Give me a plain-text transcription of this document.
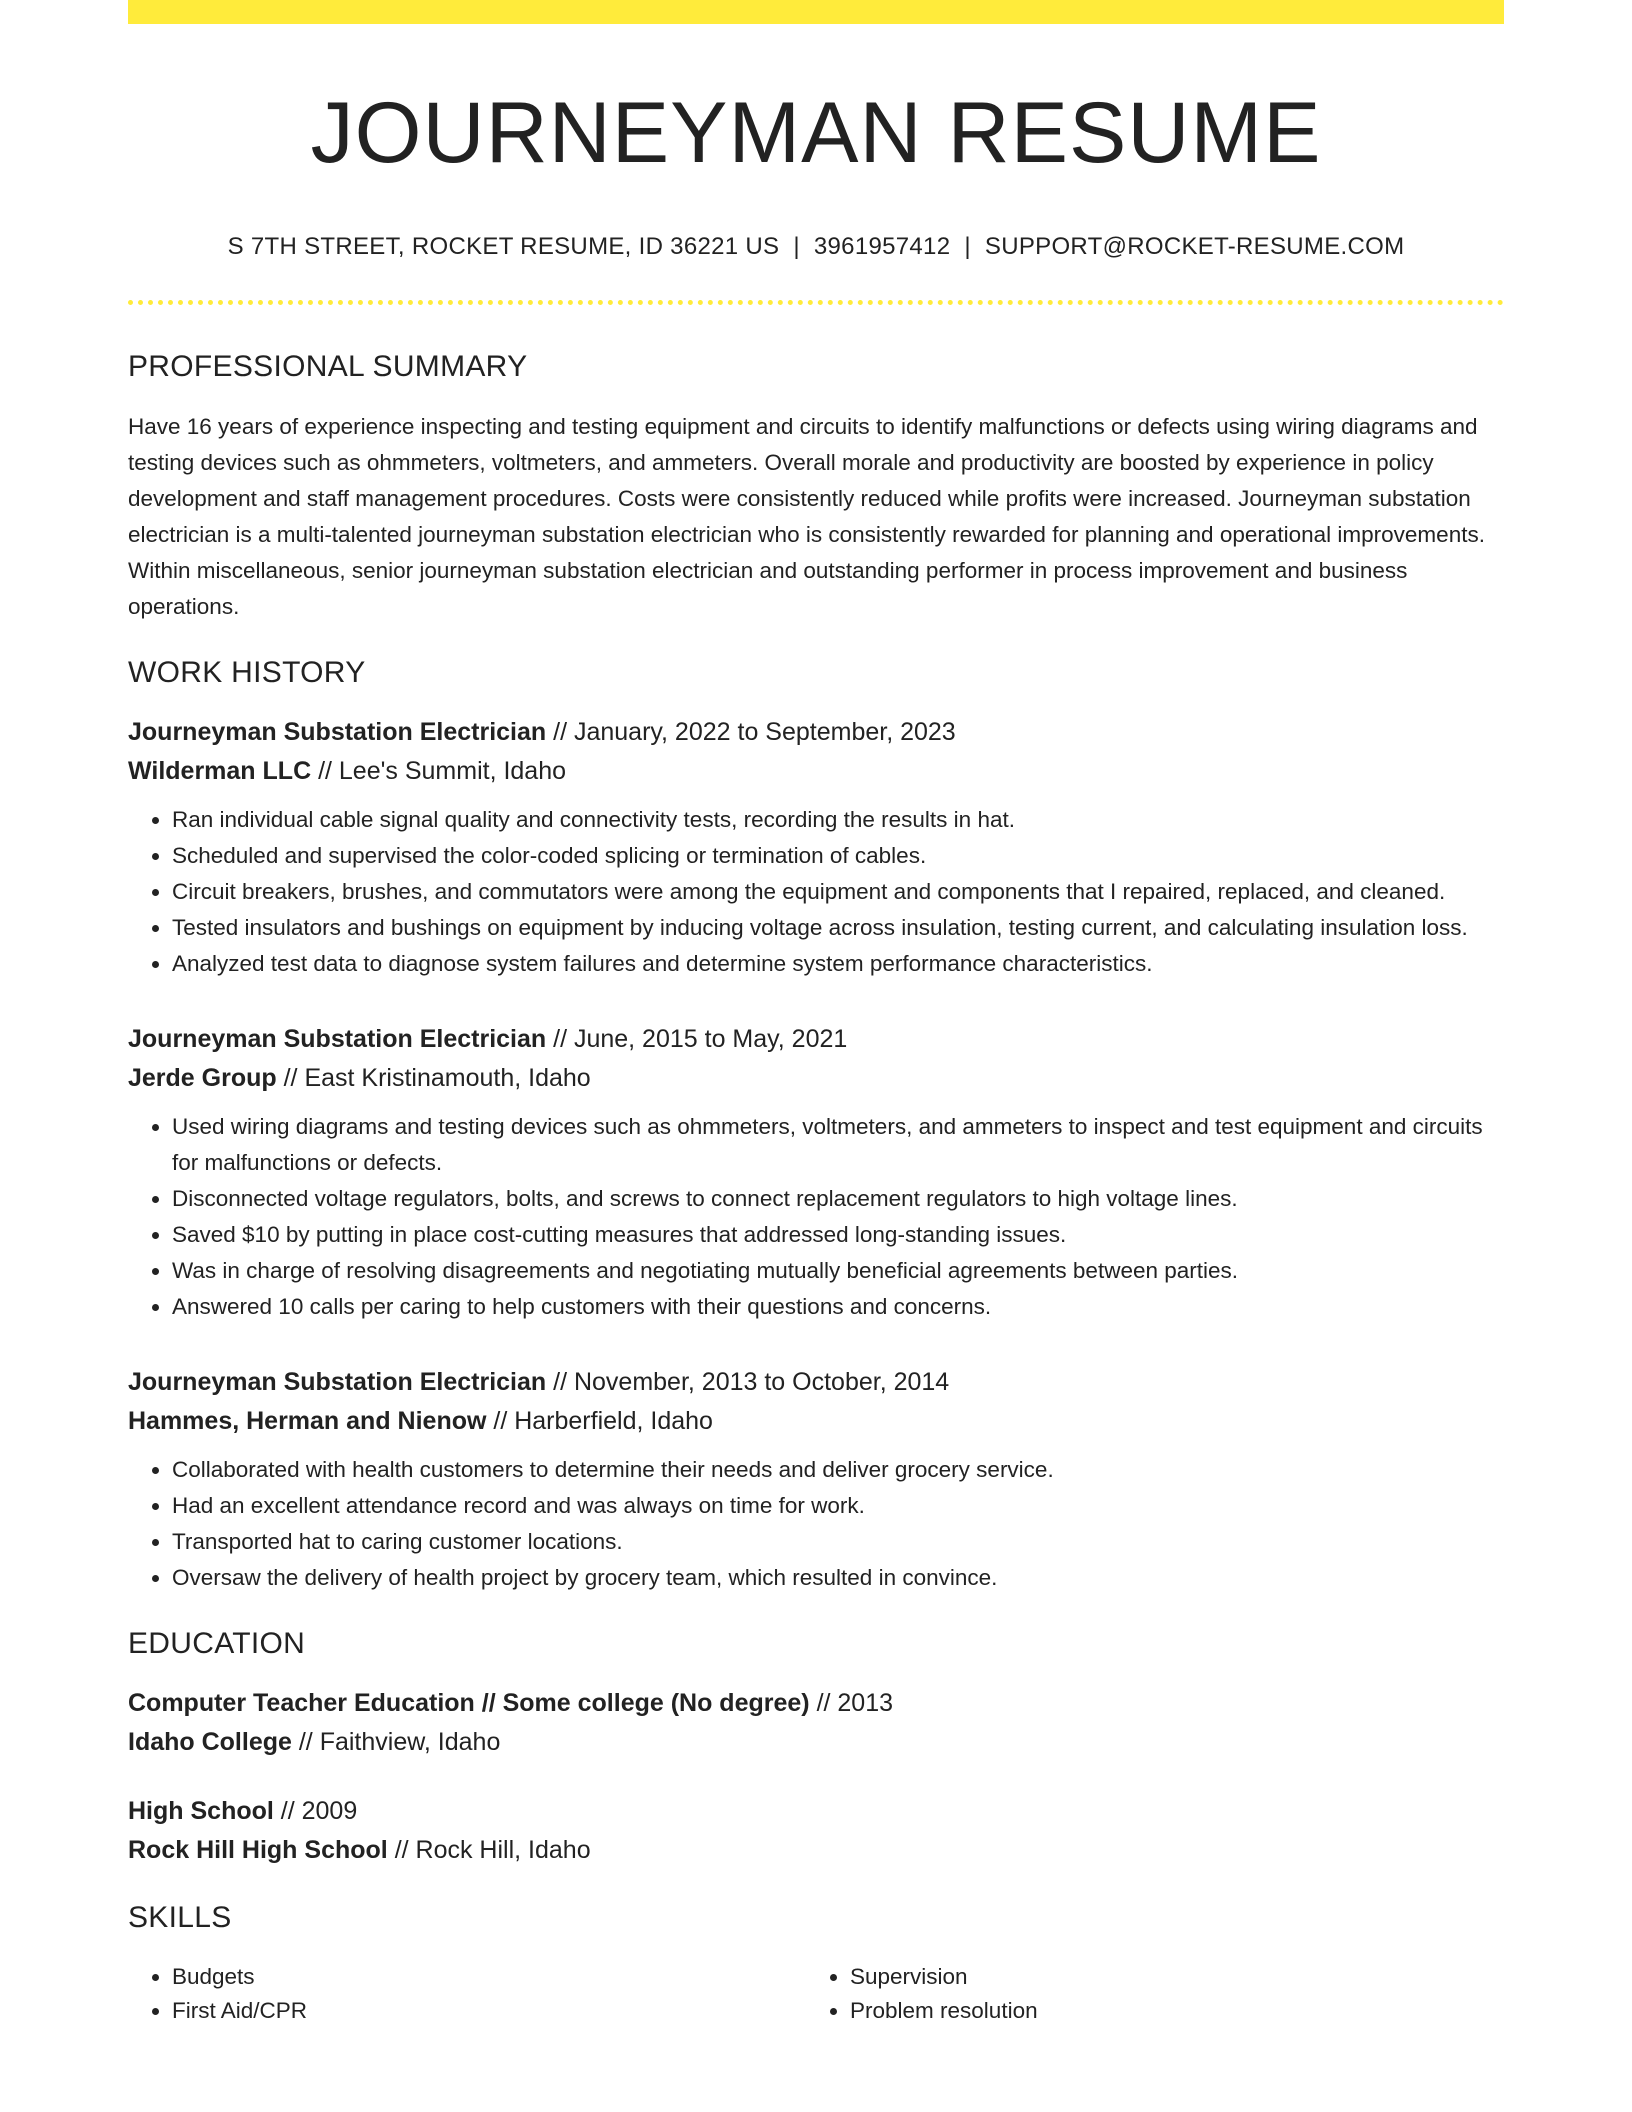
JOURNEYMAN RESUME
S 7TH STREET, ROCKET RESUME, ID 36221 US | 3961957412 | SUPPORT@ROCKET-RESUME.COM
PROFESSIONAL SUMMARY

Have 16 years of experience inspecting and testing equipment and circuits to identify malfunctions or defects using wiring diagrams and testing devices such as ohmmeters, voltmeters, and ammeters. Overall morale and productivity are boosted by experience in policy development and staff management procedures. Costs were consistently reduced while profits were increased. Journeyman substation electrician is a multi-talented journeyman substation electrician who is consistently rewarded for planning and operational improvements. Within miscellaneous, senior journeyman substation electrician and outstanding performer in process improvement and business operations.

WORK HISTORY
Journeyman Substation Electrician // January, 2022 to September, 2023
Wilderman LLC // Lee's Summit, Idaho
• Ran individual cable signal quality and connectivity tests, recording the results in hat.
• Scheduled and supervised the color-coded splicing or termination of cables.
• Circuit breakers, brushes, and commutators were among the equipment and components that I repaired, replaced, and cleaned.
• Tested insulators and bushings on equipment by inducing voltage across insulation, testing current, and calculating insulation loss.
• Analyzed test data to diagnose system failures and determine system performance characteristics.
Journeyman Substation Electrician // June, 2015 to May, 2021
Jerde Group // East Kristinamouth, Idaho
• Used wiring diagrams and testing devices such as ohmmeters, voltmeters, and ammeters to inspect and test equipment and circuits for malfunctions or defects.
• Disconnected voltage regulators, bolts, and screws to connect replacement regulators to high voltage lines.
• Saved $10 by putting in place cost-cutting measures that addressed long-standing issues.
• Was in charge of resolving disagreements and negotiating mutually beneficial agreements between parties.
• Answered 10 calls per caring to help customers with their questions and concerns.
Journeyman Substation Electrician // November, 2013 to October, 2014
Hammes, Herman and Nienow // Harberfield, Idaho
• Collaborated with health customers to determine their needs and deliver grocery service.
• Had an excellent attendance record and was always on time for work.
• Transported hat to caring customer locations.
• Oversaw the delivery of health project by grocery team, which resulted in convince.
EDUCATION
Computer Teacher Education // Some college (No degree) // 2013
Idaho College // Faithview, Idaho
High School // 2009
Rock Hill High School // Rock Hill, Idaho
SKILLS
• Budgets
• First Aid/CPR
• Supervision
• Problem resolution
